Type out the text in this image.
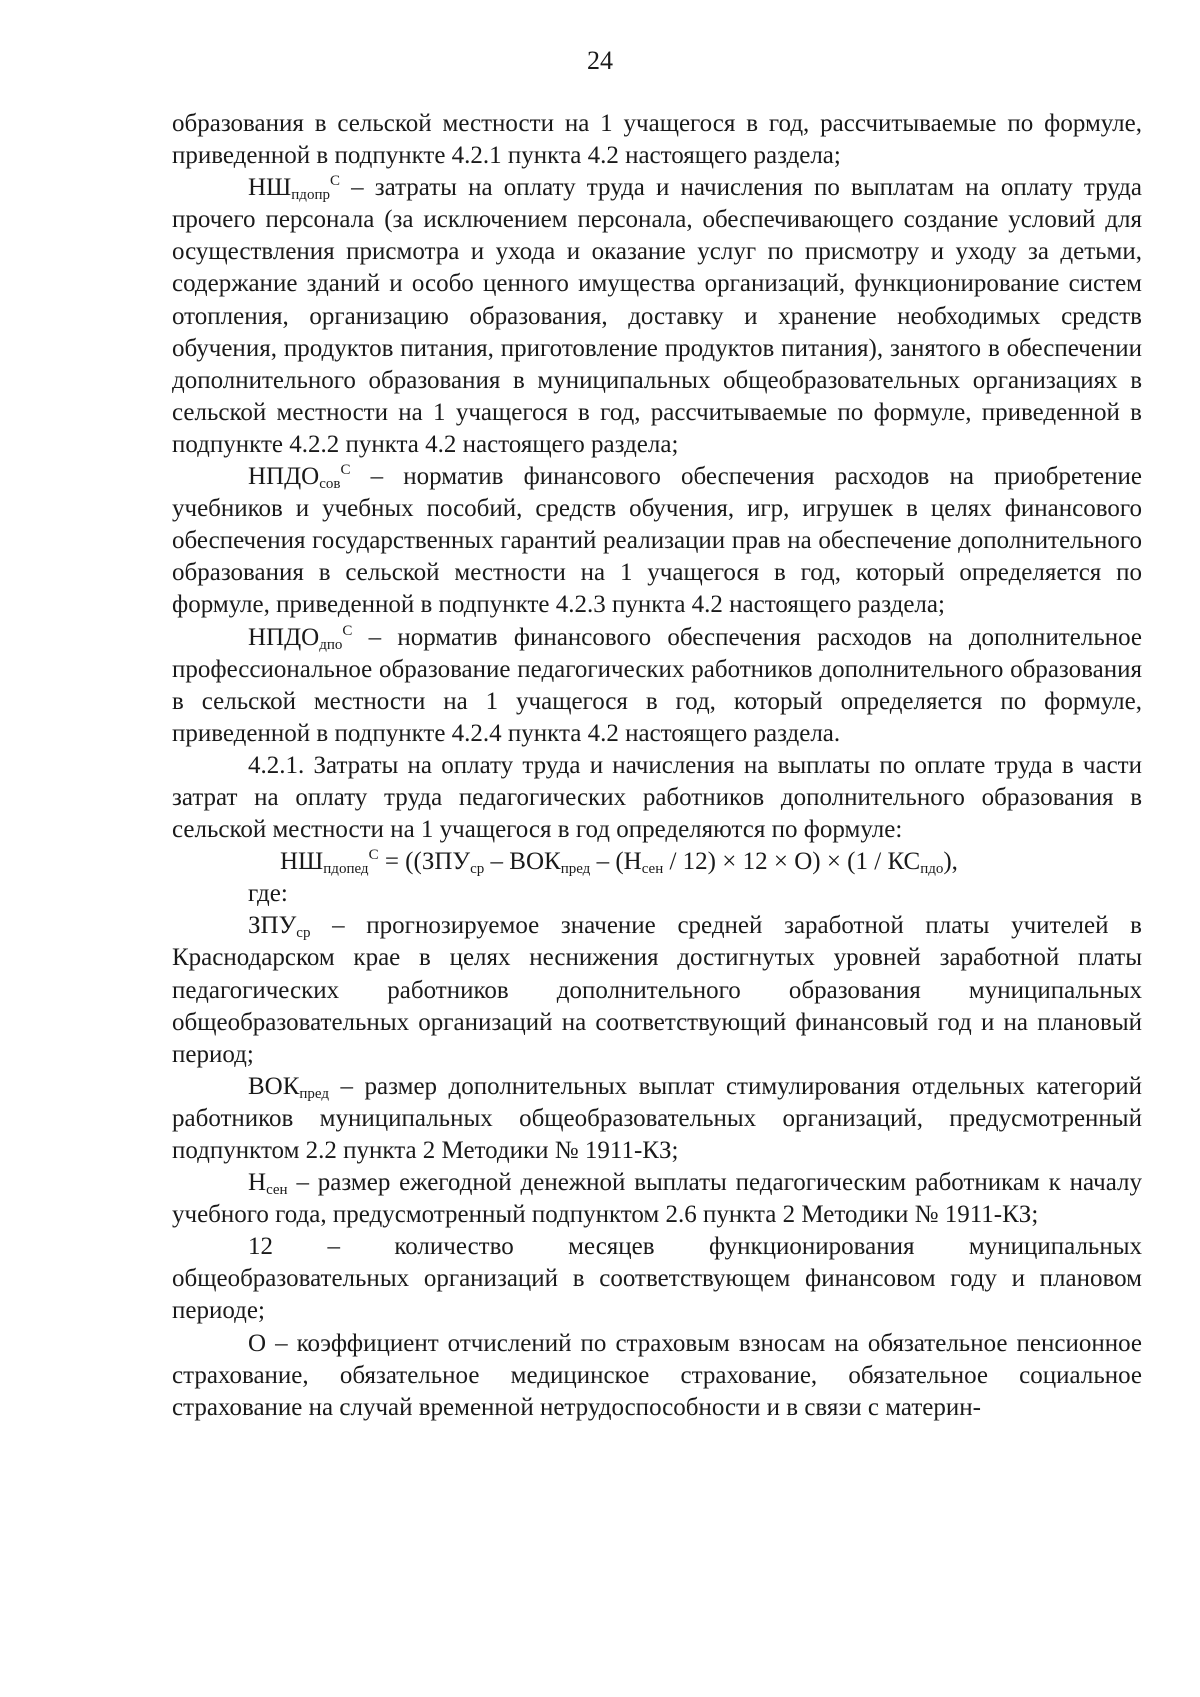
24

образования в сельской местности на 1 учащегося в год, рассчитываемые по формуле, приведенной в подпункте 4.2.1 пункта 4.2 настоящего раздела;

$НШ_{пдопр}^С$ – затраты на оплату труда и начисления по выплатам на оплату труда прочего персонала (за исключением персонала, обеспечивающего создание условий для осуществления присмотра и ухода и оказание услуг по присмотру и уходу за детьми, содержание зданий и особо ценного имущества организаций, функционирование систем отопления, организацию образования, доставку и хранение необходимых средств обучения, продуктов питания, приготовление продуктов питания), занятого в обеспечении дополнительного образования в муниципальных общеобразовательных организациях в сельской местности на 1 учащегося в год, рассчитываемые по формуле, приведенной в подпункте 4.2.2 пункта 4.2 настоящего раздела;

$НПДО_{сов}^С$ – норматив финансового обеспечения расходов на приобретение учебников и учебных пособий, средств обучения, игр, игрушек в целях финансового обеспечения государственных гарантий реализации прав на обеспечение дополнительного образования в сельской местности на 1 учащегося в год, который определяется по формуле, приведенной в подпункте 4.2.3 пункта 4.2 настоящего раздела;

$НПДО_{дпо}^С$ – норматив финансового обеспечения расходов на дополнительное профессиональное образование педагогических работников дополнительного образования в сельской местности на 1 учащегося в год, который определяется по формуле, приведенной в подпункте 4.2.4 пункта 4.2 настоящего раздела.

4.2.1. Затраты на оплату труда и начисления на выплаты по оплате труда в части затрат на оплату труда педагогических работников дополнительного образования в сельской местности на 1 учащегося в год определяются по формуле:

$НШ_{пдопед}^С = ((ЗПУ_{ср} - ВОК_{пред} - (Н_{сен} / 12) \times 12 \times О) \times (1 / КС_{пдо})$,

где:

$ЗПУ_{ср}$ – прогнозируемое значение средней заработной платы учителей в Краснодарском крае в целях неснижения достигнутых уровней заработной платы педагогических работников дополнительного образования муниципальных общеобразовательных организаций на соответствующий финансовый год и на плановый период;

$ВОК_{пред}$ – размер дополнительных выплат стимулирования отдельных категорий работников муниципальных общеобразовательных организаций, предусмотренный подпунктом 2.2 пункта 2 Методики № 1911-КЗ;

$Н_{сен}$ – размер ежегодной денежной выплаты педагогическим работникам к началу учебного года, предусмотренный подпунктом 2.6 пункта 2 Методики № 1911-КЗ;

12 – количество месяцев функционирования муниципальных общеобразовательных организаций в соответствующем финансовом году и плановом периоде;

О – коэффициент отчислений по страховым взносам на обязательное пенсионное страхование, обязательное медицинское страхование, обязательное социальное страхование на случай временной нетрудоспособности и в связи с материн-
